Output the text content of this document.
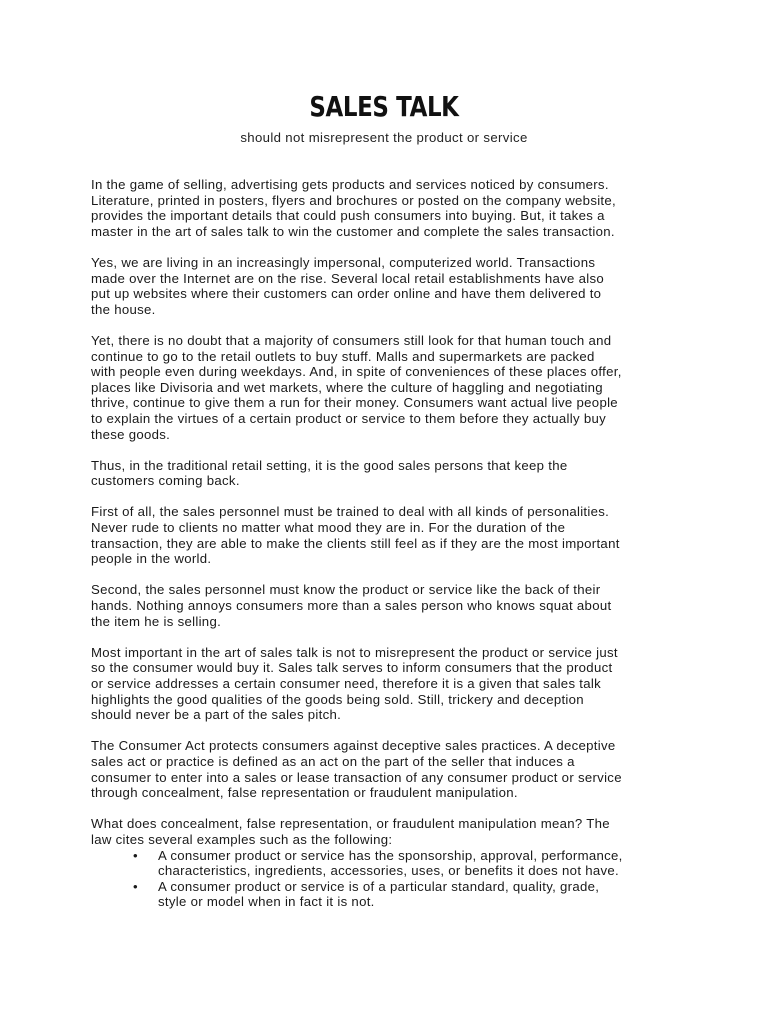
SALES TALK
should not misrepresent the product or service
In the game of selling, advertising gets products and services noticed by consumers.
Literature, printed in posters, flyers and brochures or posted on the company website,
provides the important details that could push consumers into buying. But, it takes a
master in the art of sales talk to win the customer and complete the sales transaction.
Yes, we are living in an increasingly impersonal, computerized world. Transactions
made over the Internet are on the rise. Several local retail establishments have also
put up websites where their customers can order online and have them delivered to
the house.
Yet, there is no doubt that a majority of consumers still look for that human touch and
continue to go to the retail outlets to buy stuff. Malls and supermarkets are packed
with people even during weekdays. And, in spite of conveniences of these places offer,
places like Divisoria and wet markets, where the culture of haggling and negotiating
thrive, continue to give them a run for their money. Consumers want actual live people
to explain the virtues of a certain product or service to them before they actually buy
these goods.
Thus, in the traditional retail setting, it is the good sales persons that keep the
customers coming back.
First of all, the sales personnel must be trained to deal with all kinds of personalities.
Never rude to clients no matter what mood they are in. For the duration of the
transaction, they are able to make the clients still feel as if they are the most important
people in the world.
Second, the sales personnel must know the product or service like the back of their
hands. Nothing annoys consumers more than a sales person who knows squat about
the item he is selling.
Most important in the art of sales talk is not to misrepresent the product or service just
so the consumer would buy it. Sales talk serves to inform consumers that the product
or service addresses a certain consumer need, therefore it is a given that sales talk
highlights the good qualities of the goods being sold. Still, trickery and deception
should never be a part of the sales pitch.
The Consumer Act protects consumers against deceptive sales practices. A deceptive
sales act or practice is defined as an act on the part of the seller that induces a
consumer to enter into a sales or lease transaction of any consumer product or service
through concealment, false representation or fraudulent manipulation.
What does concealment, false representation, or fraudulent manipulation mean? The
law cites several examples such as the following:
• A consumer product or service has the sponsorship, approval, performance,
characteristics, ingredients, accessories, uses, or benefits it does not have.
• A consumer product or service is of a particular standard, quality, grade,
style or model when in fact it is not.
